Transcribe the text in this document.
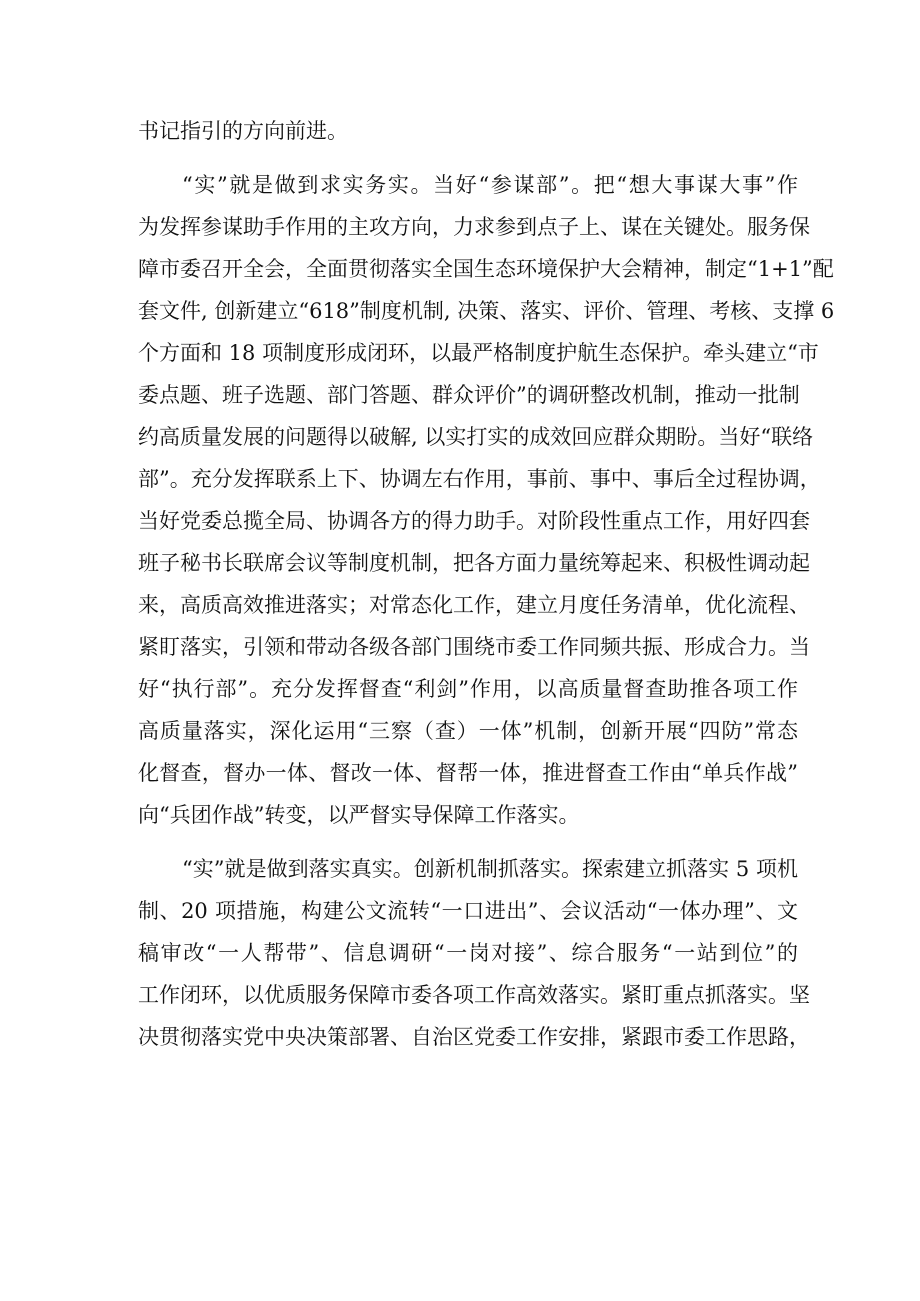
书记指引的方向前进。

“实”就是做到求实务实。当好“参谋部”。把“想大事谋大事”作

为发挥参谋助手作用的主攻方向，力求参到点子上、谋在关键处。服务保

障市委召开全会，全面贯彻落实全国生态环境保护大会精神，制定“1+1”配

套文件, 创新建立“618”制度机制, 决策、落实、评价、管理、考核、支撑 6

个方面和 18 项制度形成闭环，以最严格制度护航生态保护。牵头建立“市

委点题、班子选题、部门答题、群众评价”的调研整改机制，推动一批制

约高质量发展的问题得以破解, 以实打实的成效回应群众期盼。当好“联络

部”。充分发挥联系上下、协调左右作用，事前、事中、事后全过程协调，

当好党委总揽全局、协调各方的得力助手。对阶段性重点工作，用好四套

班子秘书长联席会议等制度机制，把各方面力量统筹起来、积极性调动起

来，高质高效推进落实；对常态化工作，建立月度任务清单，优化流程、

紧盯落实，引领和带动各级各部门围绕市委工作同频共振、形成合力。当

好“执行部”。充分发挥督查“利剑”作用，以高质量督查助推各项工作

高质量落实，深化运用“三察（查）一体”机制，创新开展“四防”常态

化督查，督办一体、督改一体、督帮一体，推进督查工作由“单兵作战”

向“兵团作战”转变，以严督实导保障工作落实。

“实”就是做到落实真实。创新机制抓落实。探索建立抓落实 5 项机

制、20 项措施，构建公文流转“一口进出”、会议活动“一体办理”、文

稿审改“一人帮带”、信息调研“一岗对接”、综合服务“一站到位”的

工作闭环，以优质服务保障市委各项工作高效落实。紧盯重点抓落实。坚

决贯彻落实党中央决策部署、自治区党委工作安排，紧跟市委工作思路，
